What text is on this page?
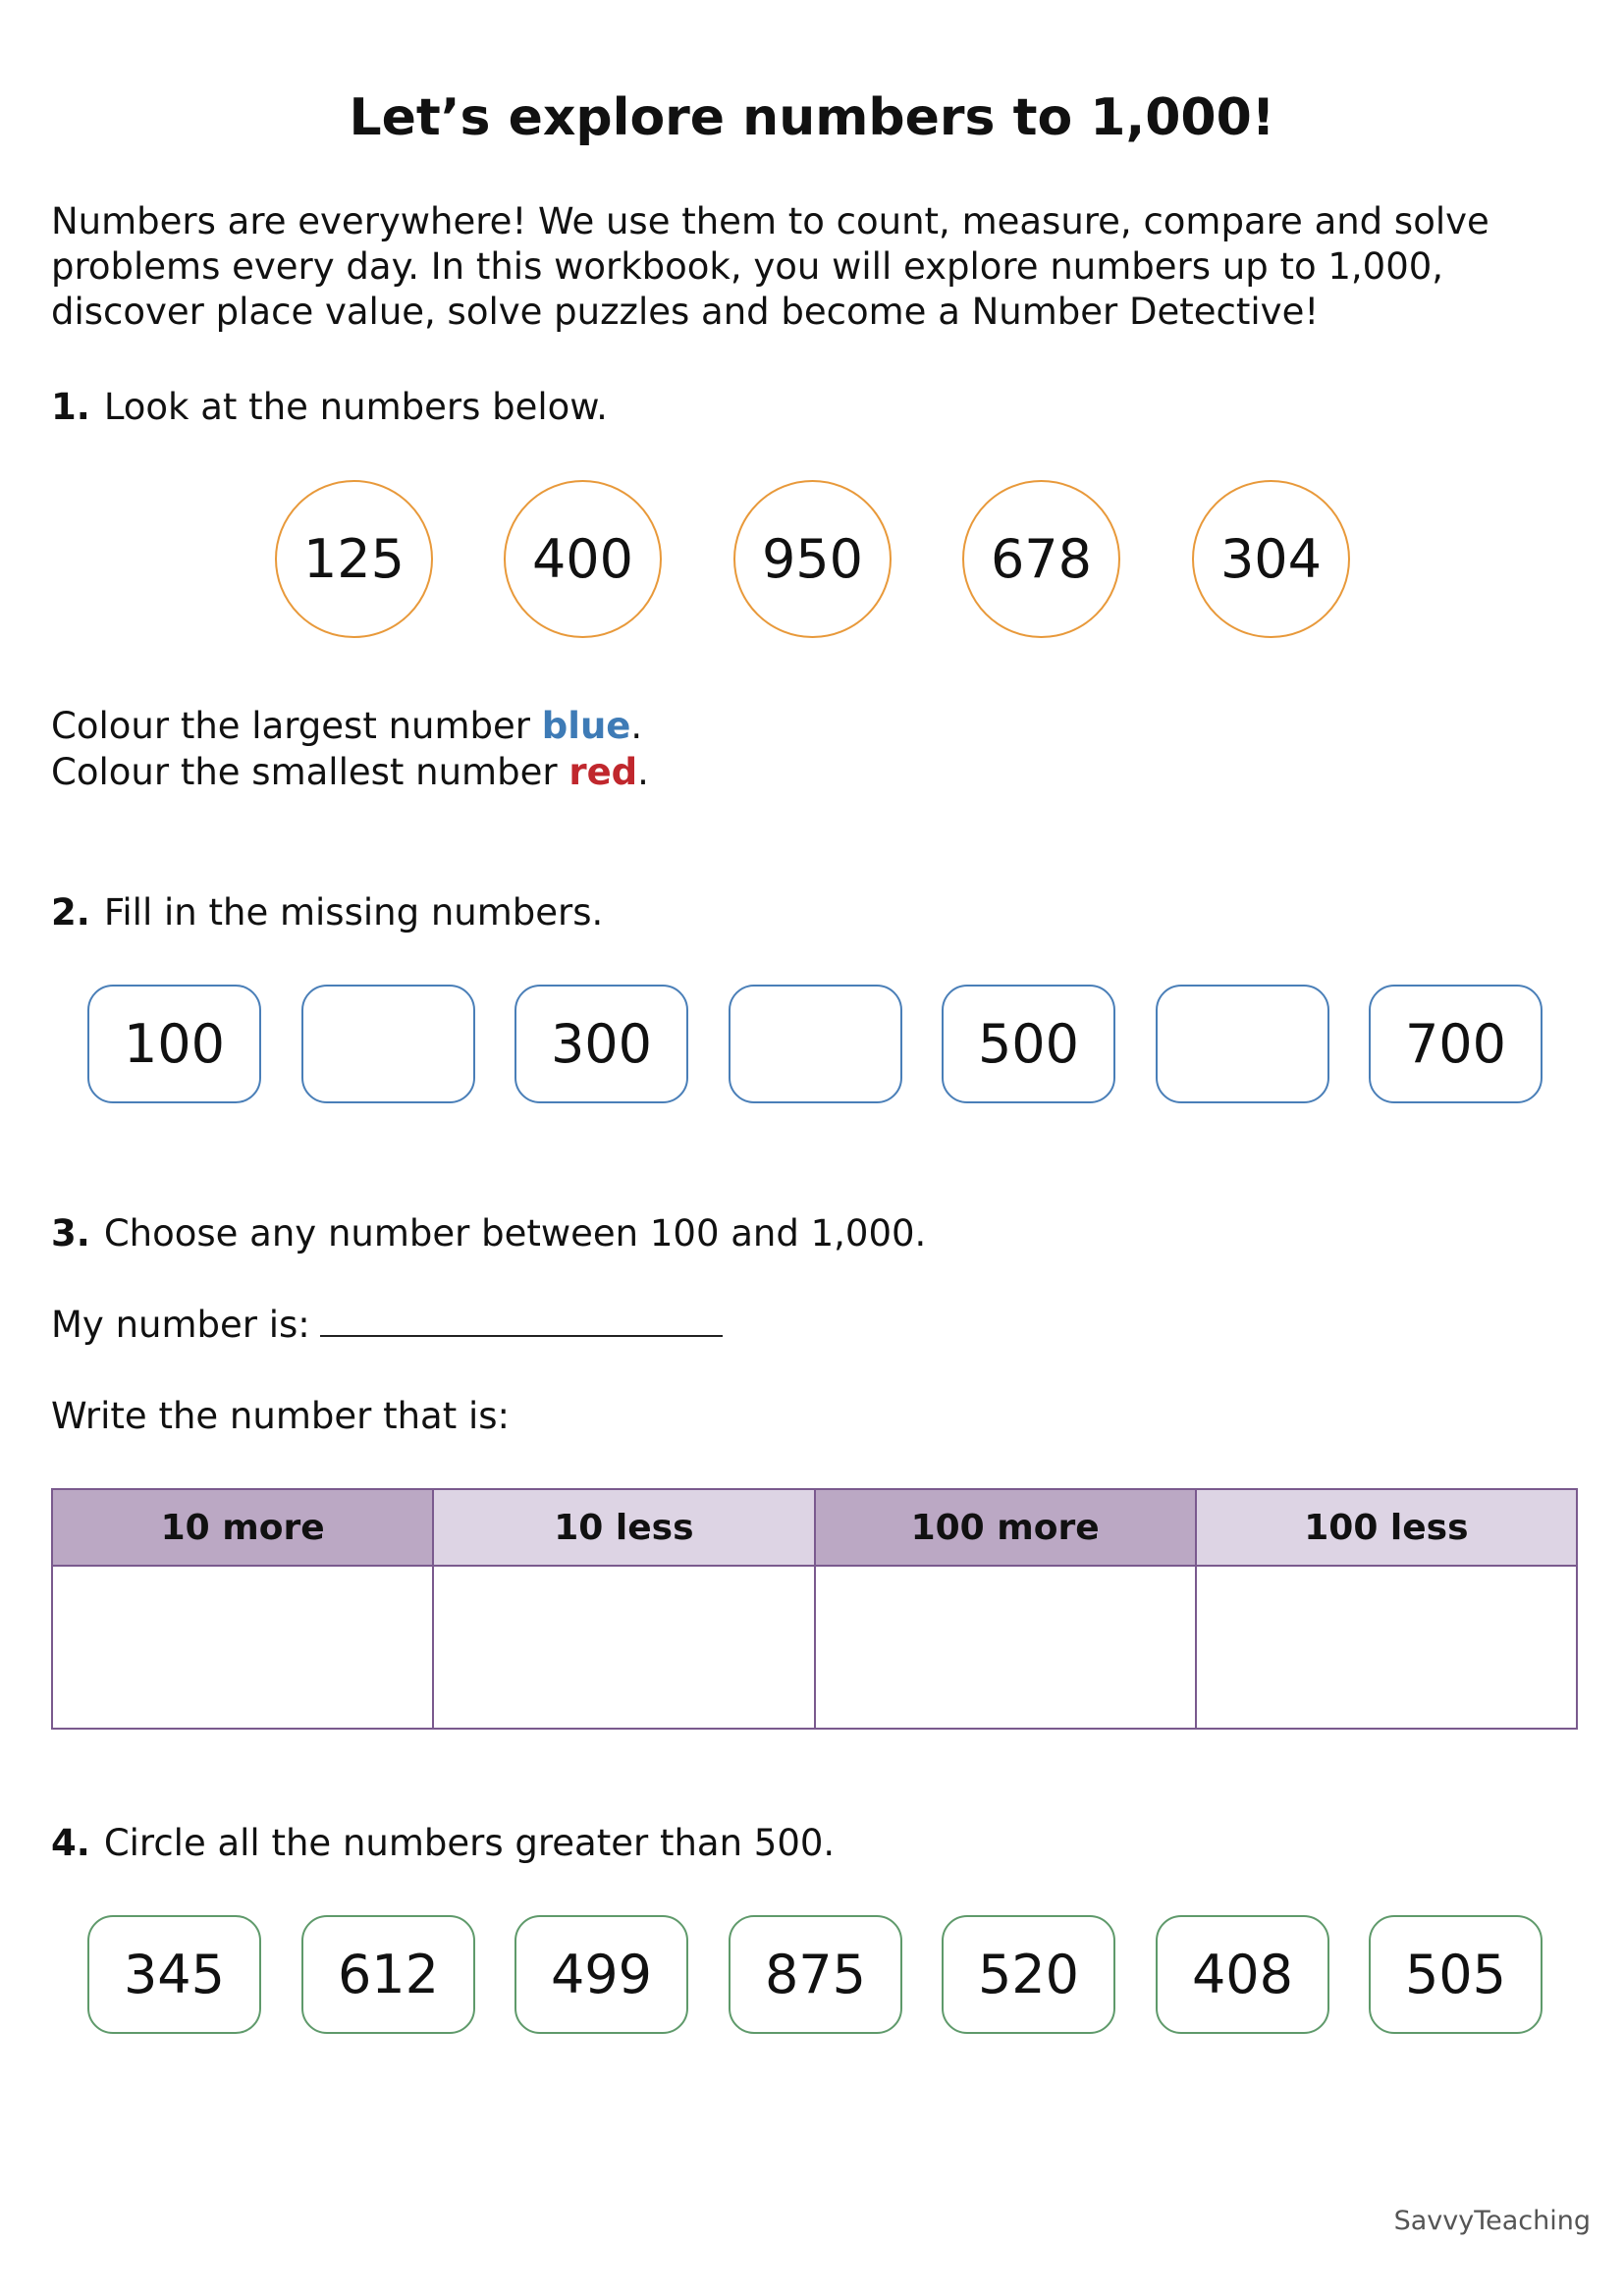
Let’s explore numbers to 1,000!
Numbers are everywhere! We use them to count, measure, compare and solve
problems every day. In this workbook, you will explore numbers up to 1,000,
discover place value, solve puzzles and become a Number Detective!
1. Look at the numbers below.
125	400	950	678	304
Colour the largest number blue.
Colour the smallest number red.
2. Fill in the missing numbers.
100	300	500	700
3. Choose any number between 100 and 1,000.
My number is:
Write the number that is:
10 more	10 less	100 more	100 less

4. Circle all the numbers greater than 500.
345	612	499	875	520	408	505
SavvyTeaching
